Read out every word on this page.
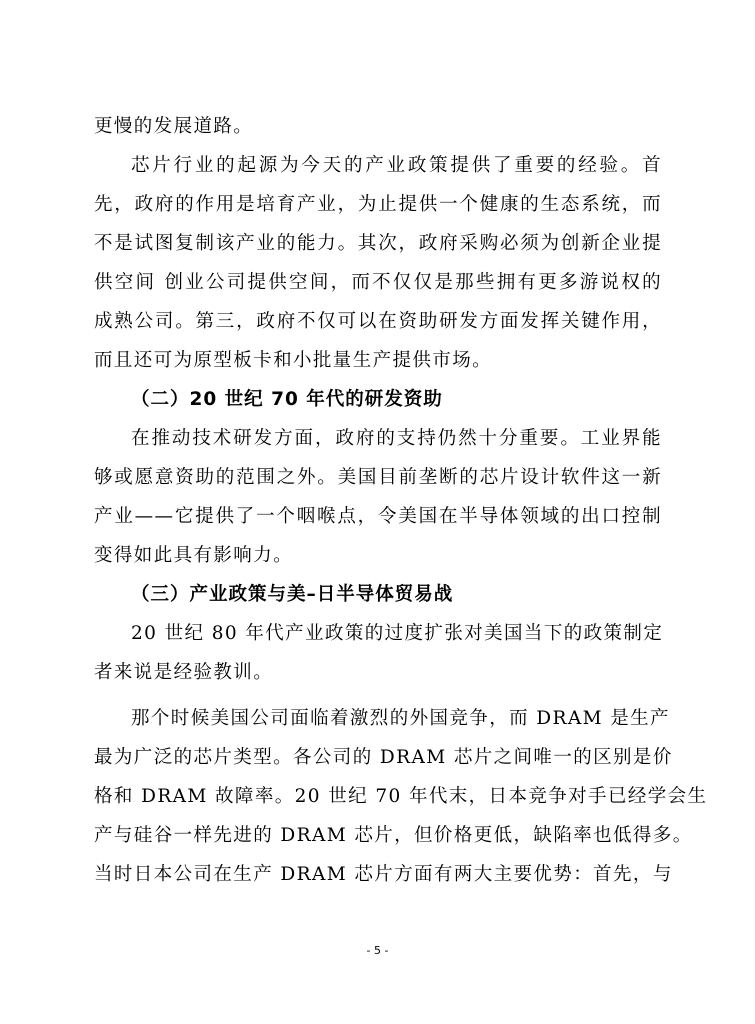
更慢的发展道路。
芯片行业的起源为今天的产业政策提供了重要的经验。首
先，政府的作用是培育产业，为止提供一个健康的生态系统，而
不是试图复制该产业的能力。其次，政府采购必须为创新企业提
供空间 创业公司提供空间，而不仅仅是那些拥有更多游说权的
成熟公司。第三，政府不仅可以在资助研发方面发挥关键作用，
而且还可为原型板卡和小批量生产提供市场。
（二）20 世纪 70 年代的研发资助
在推动技术研发方面，政府的支持仍然十分重要。工业界能
够或愿意资助的范围之外。美国目前垄断的芯片设计软件这一新
产业——它提供了一个咽喉点，令美国在半导体领域的出口控制
变得如此具有影响力。
（三）产业政策与美–日半导体贸易战
20 世纪 80 年代产业政策的过度扩张对美国当下的政策制定
者来说是经验教训。
那个时候美国公司面临着激烈的外国竞争，而 DRAM 是生产
最为广泛的芯片类型。各公司的 DRAM 芯片之间唯一的区别是价
格和 DRAM 故障率。20 世纪 70 年代末，日本竞争对手已经学会生
产与硅谷一样先进的 DRAM 芯片，但价格更低，缺陷率也低得多。
当时日本公司在生产 DRAM 芯片方面有两大主要优势：首先，与
- 5 -
